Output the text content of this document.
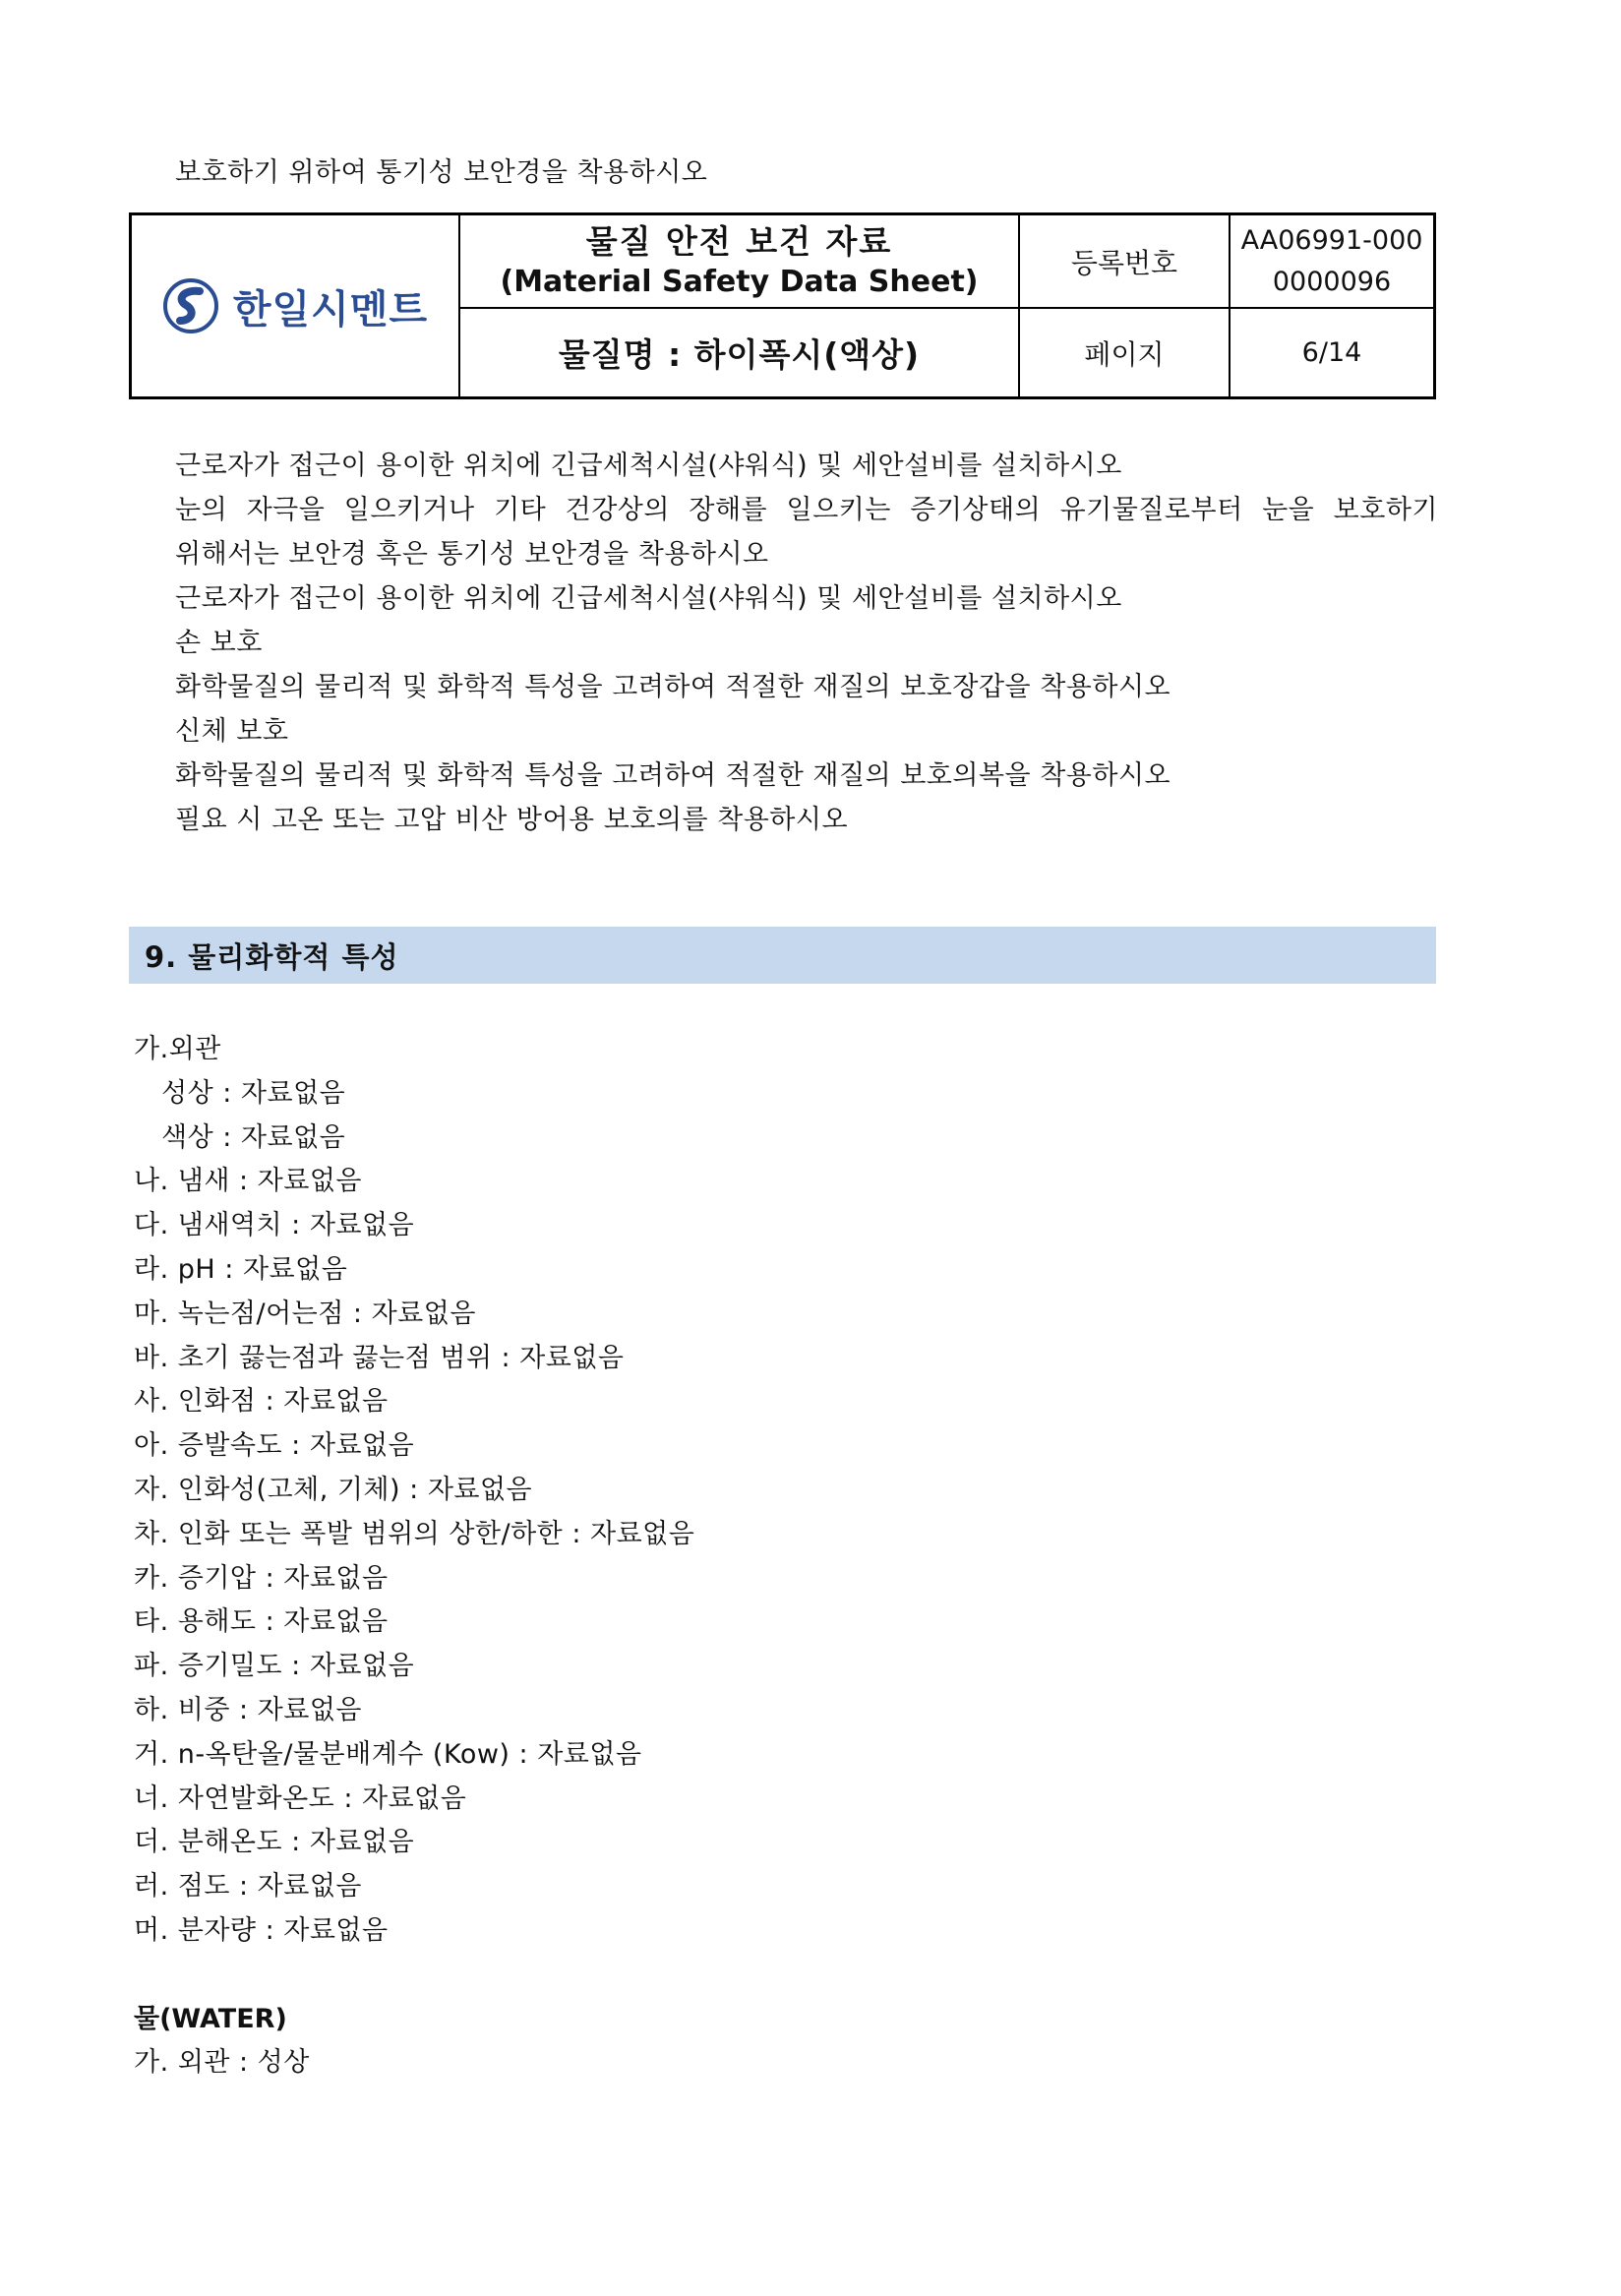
보호하기 위하여 통기성 보안경을 착용하시오
한일시멘트
물질 안전 보건 자료
(Material Safety Data Sheet)
물질명 : 하이폭시(액상)
등록번호
AA06991-000
0000096
페이지	6/14
근로자가 접근이 용이한 위치에 긴급세척시설(샤워식) 및 세안설비를 설치하시오
눈의 자극을 일으키거나 기타 건강상의 장해를 일으키는 증기상태의 유기물질로부터 눈을 보호하기
위해서는 보안경 혹은 통기성 보안경을 착용하시오
근로자가 접근이 용이한 위치에 긴급세척시설(샤워식) 및 세안설비를 설치하시오
손 보호
화학물질의 물리적 및 화학적 특성을 고려하여 적절한 재질의 보호장갑을 착용하시오
신체 보호
화학물질의 물리적 및 화학적 특성을 고려하여 적절한 재질의 보호의복을 착용하시오
필요 시 고온 또는 고압 비산 방어용 보호의를 착용하시오
9. 물리화학적 특성
가.외관
성상 : 자료없음
색상 : 자료없음
나. 냄새 : 자료없음
다. 냄새역치 : 자료없음
라. pH : 자료없음
마. 녹는점/어는점 : 자료없음
바. 초기 끓는점과 끓는점 범위 : 자료없음
사. 인화점 : 자료없음
아. 증발속도 : 자료없음
자. 인화성(고체, 기체) : 자료없음
차. 인화 또는 폭발 범위의 상한/하한 : 자료없음
카. 증기압 : 자료없음
타. 용해도 : 자료없음
파. 증기밀도 : 자료없음
하. 비중 : 자료없음
거. n-옥탄올/물분배계수 (Kow) : 자료없음
너. 자연발화온도 : 자료없음
더. 분해온도 : 자료없음
러. 점도 : 자료없음
머. 분자량 : 자료없음
물(WATER)
가. 외관 : 성상
